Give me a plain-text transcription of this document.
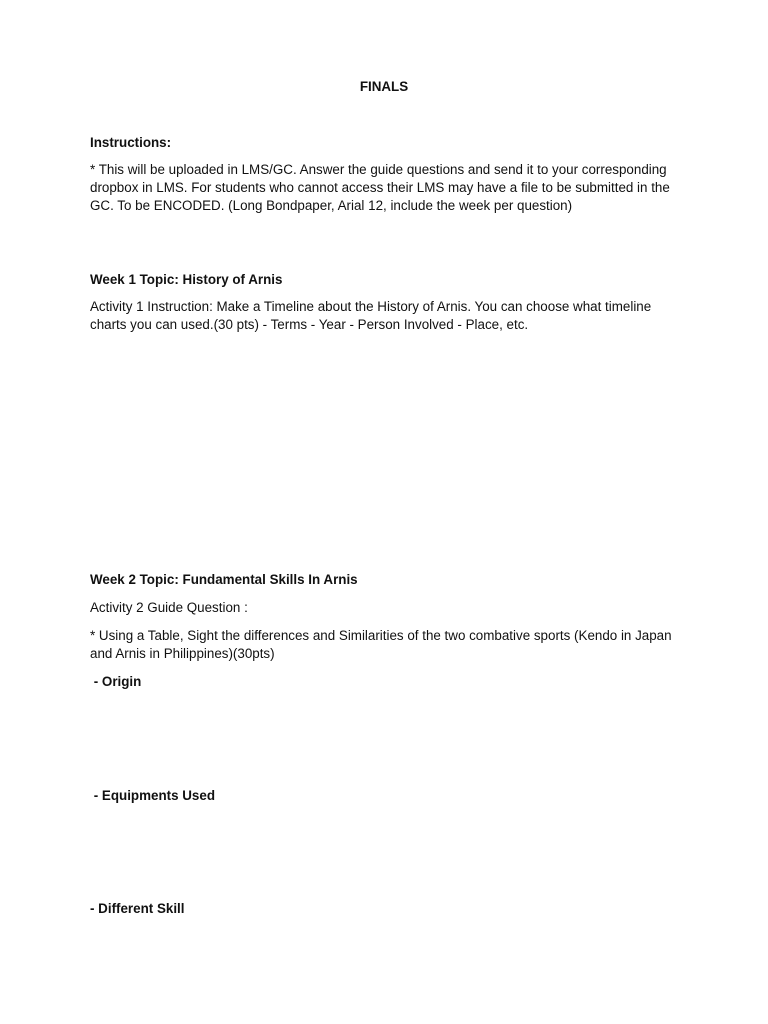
FINALS

Instructions:

* This will be uploaded in LMS/GC. Answer the guide questions and send it to your corresponding dropbox in LMS. For students who cannot access their LMS may have a file to be submitted in the GC. To be ENCODED. (Long Bondpaper, Arial 12, include the week per question)

Week 1 Topic: History of Arnis

Activity 1 Instruction: Make a Timeline about the History of Arnis. You can choose what timeline charts you can used.(30 pts) - Terms - Year - Person Involved - Place, etc.

Week 2 Topic: Fundamental Skills In Arnis

Activity 2 Guide Question :

* Using a Table, Sight the differences and Similarities of the two combative sports (Kendo in Japan and Arnis in Philippines)(30pts)

- Origin

- Equipments Used

- Different Skill
